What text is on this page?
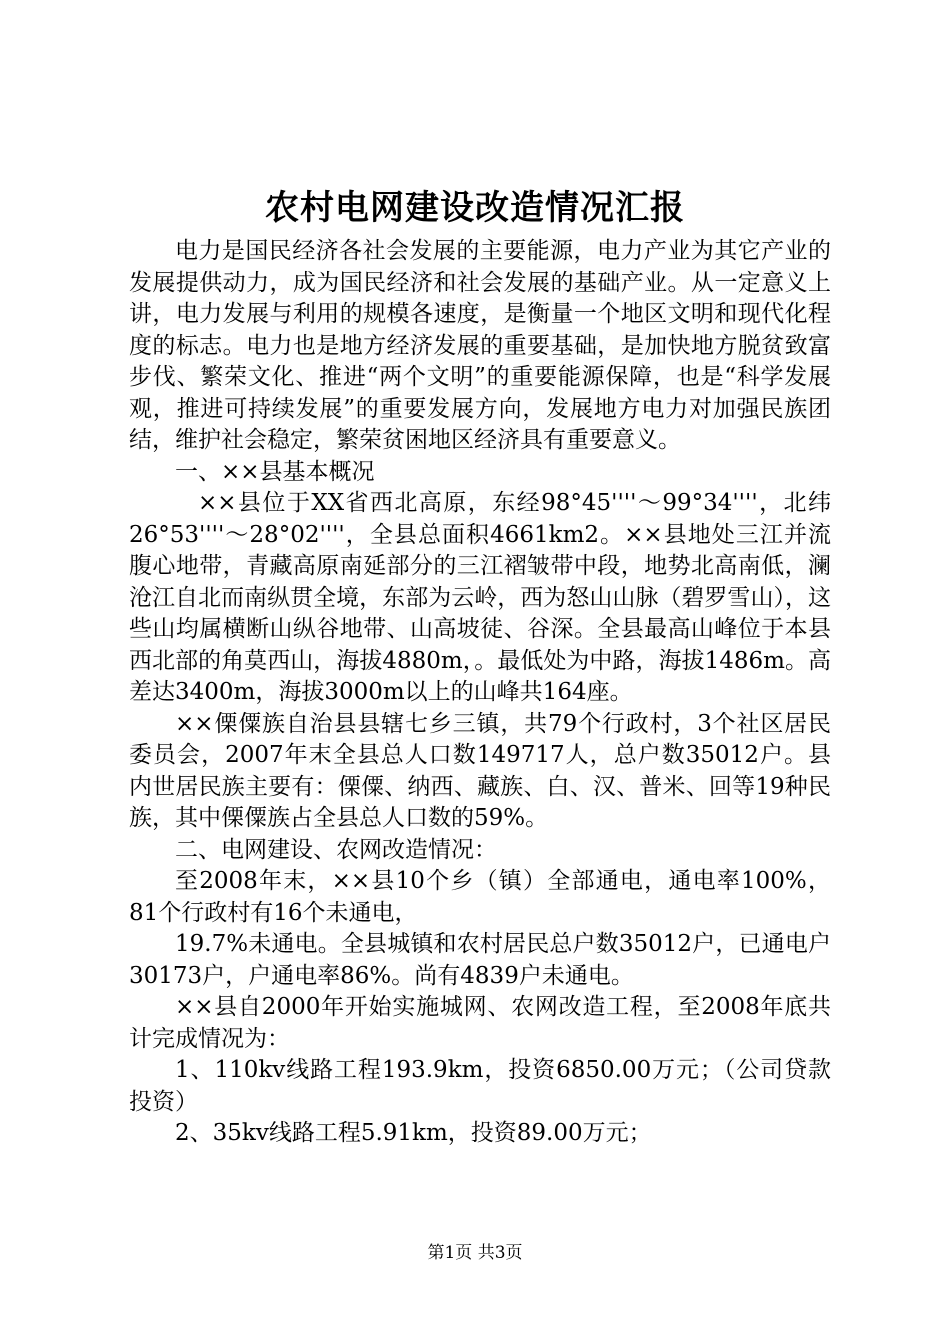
农村电网建设改造情况汇报

电力是国民经济各社会发展的主要能源，电力产业为其它产业的发展提供动力，成为国民经济和社会发展的基础产业。从一定意义上讲，电力发展与利用的规模各速度，是衡量一个地区文明和现代化程度的标志。电力也是地方经济发展的重要基础，是加快地方脱贫致富步伐、繁荣文化、推进“两个文明”的重要能源保障，也是“科学发展观，推进可持续发展”的重要发展方向，发展地方电力对加强民族团结，维护社会稳定，繁荣贫困地区经济具有重要意义。

一、××县基本概况

××县位于XX省西北高原，东经98°45''''～99°34''''，北纬26°53''''～28°02''''，全县总面积4661km2。××县地处三江并流腹心地带，青藏高原南延部分的三江褶皱带中段，地势北高南低，澜沧江自北而南纵贯全境，东部为云岭，西为怒山山脉（碧罗雪山），这些山均属横断山纵谷地带、山高坡徒、谷深。全县最高山峰位于本县西北部的角莫西山，海拔4880m，。最低处为中路，海拔1486m。高差达3400m，海拔3000m以上的山峰共164座。

××傈僳族自治县县辖七乡三镇，共79个行政村，3个社区居民委员会，2007年末全县总人口数149717人，总户数35012户。县内世居民族主要有：傈僳、纳西、藏族、白、汉、普米、回等19种民族，其中傈僳族占全县总人口数的59%。

二、电网建设、农网改造情况：

至2008年末，××县10个乡（镇）全部通电，通电率100%，81个行政村有16个未通电，

19.7%未通电。全县城镇和农村居民总户数35012户，已通电户30173户，户通电率86%。尚有4839户未通电。

××县自2000年开始实施城网、农网改造工程，至2008年底共计完成情况为：

1、110kv线路工程193.9km，投资6850.00万元；（公司贷款投资）

2、35kv线路工程5.91km，投资89.00万元；

第1页 共3页
